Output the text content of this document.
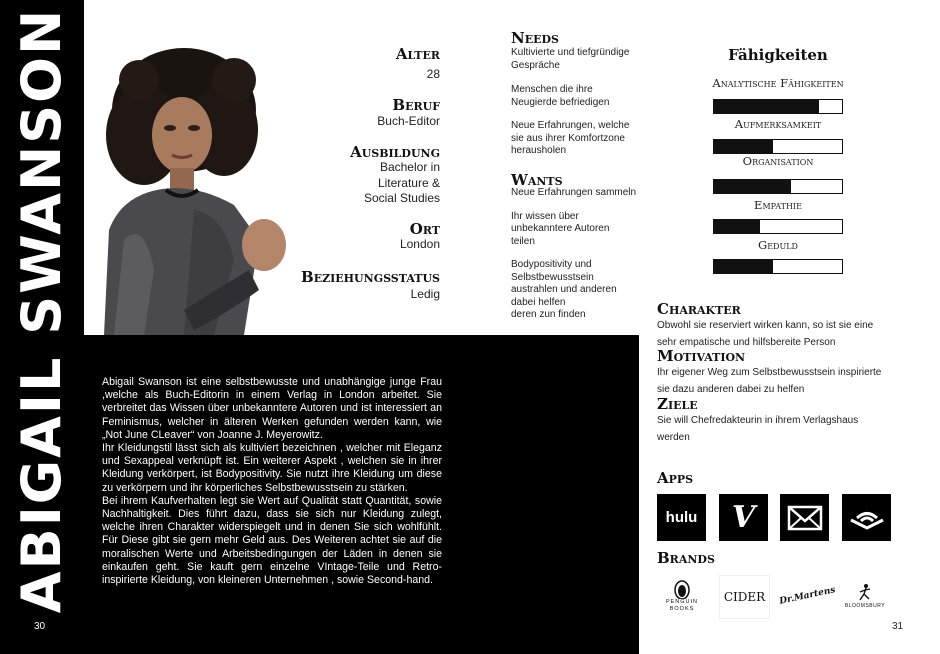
ABIGAIL SWANSON	Alter
28
Beruf
Buch-Editor
Ausbildung
Bachelor in
Literature &
Social Studies
Ort
London
Beziehungsstatus
Ledig
Needs
Kultivierte und tiefgründige
Gespräche
Menschen die ihre
Neugierde befriedigen
Neue Erfahrungen, welche
sie aus ihrer Komfortzone
herausholen
Wants
Neue Erfahrungen sammeln
Ihr wissen über
unbekanntere Autoren
teilen
Bodypositivity und
Selbstbewusstsein
austrahlen und anderen
dabei helfen
deren zun finden
Fähigkeiten
Analytische Fähigkeiten
Aufmerksamkeit
Organisation
Empathie
Geduld
Charakter
Obwohl sie reserviert wirken kann, so ist sie eine
sehr empatische und hilfsbereite Person
Motivation
Ihr eigener Weg zum Selbstbewusstsein inspirierte
sie dazu anderen dabei zu helfen
Ziele
Sie will Chefredakteurin in ihrem Verlagshaus
werden
Apps
hulu V
Brands
PENGUIN
BOOKS
CIDER Dr.Martens BLOOMSBURY
Abigail Swanson ist eine selbstbewusste und unabhängige junge Frau ,welche als Buch-Editorin in einem Verlag in London arbeitet. Sie verbreitet das Wissen über unbekanntere Autoren und ist interessiert an Feminismus, welcher in älteren Werken gefunden werden kann, wie „Not June CLeaver“ von Joanne J. Meyerowitz.
Ihr Kleidungstil lässt sich als kultiviert bezeichnen , welcher mit Eleganz und Sexappeal verknüpft ist. Ein weiterer Aspekt , welchen sie in ihrer Kleidung verkörpert, ist Bodypositivity. Sie nutzt ihre Kleidung um diese zu verkörpern und ihr körperliches Selbstbewusstsein zu stärken.
Bei ihrem Kaufverhalten legt sie Wert auf Qualität statt Quantität, sowie Nachhaltigkeit. Dies führt dazu, dass sie sich nur Kleidung zulegt, welche ihren Charakter widerspiegelt und in denen Sie sich wohlfühlt. Für Diese gibt sie gern mehr Geld aus. Des Weiteren achtet sie auf die moralischen Werte und Arbeitsbedingungen der Läden in denen sie einkaufen geht. Sie kauft gern einzelne VIntage-Teile und Retro-inspirierte Kleidung, von kleineren Unternehmen , sowie Second-hand.
30	31
